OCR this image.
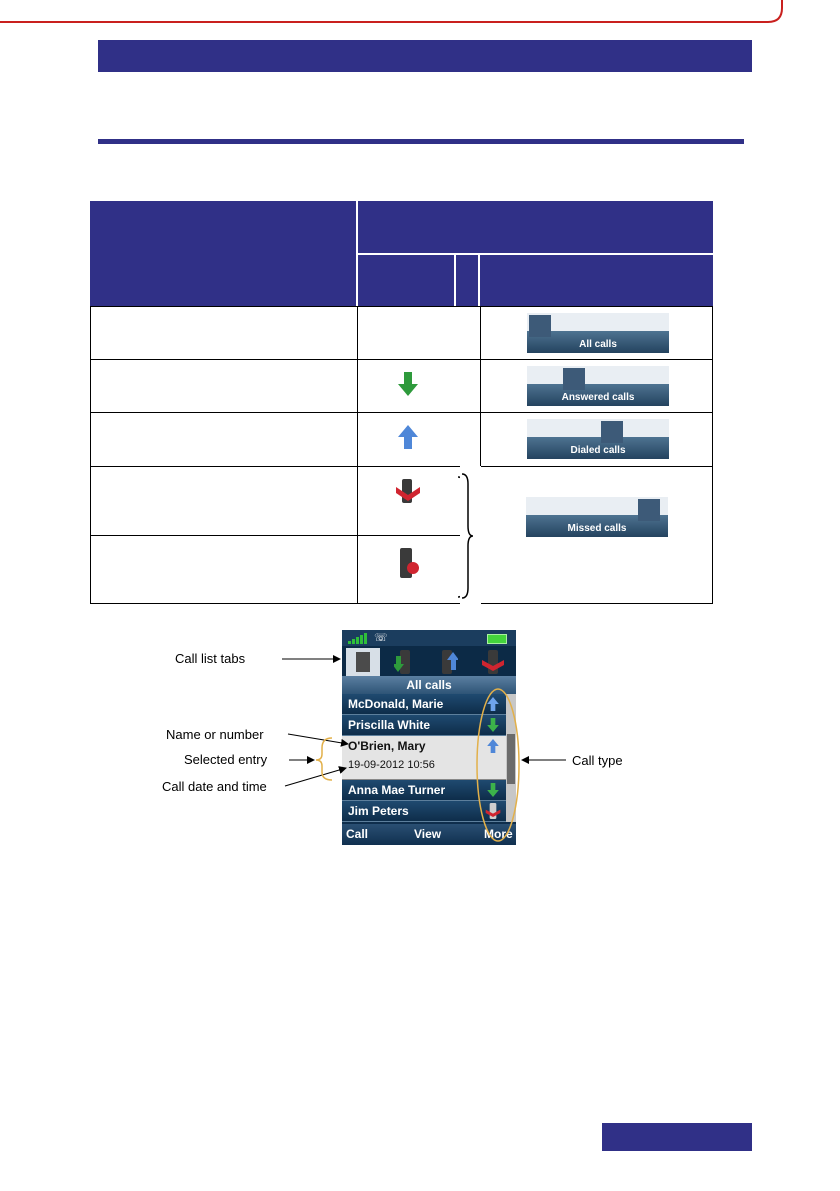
All calls
Answered calls
Dialed calls
Missed calls
☏
All calls
McDonald, Marie
Priscilla White
O'Brien, Mary
19-09-2012 10:56
Anna Mae Turner
Jim Peters
Call	View	More
Call list tabs
Name or number
Selected entry
Call date and time
Call type
